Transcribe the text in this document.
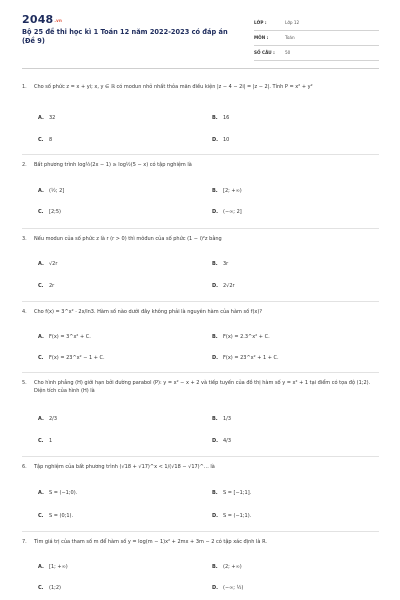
2048.vn
Bộ 25 đề thi học kì 1 Toán 12 năm 2022-2023 có đáp án (Đề 9)
LỚP :	Lớp 12
MÔN :	Toán
SỐ CÂU : 50
1. Cho số phức z = x + yi; x, y ∈ ℝ có modun nhỏ nhất thỏa mãn điều kiện |z − 4 − 2i| = |z − 2|. Tính P = x² + y²
A. 32	B. 16
C. 8	D. 10
2. Bất phương trình log½(2x − 1) ≥ log½(5 − x) có tập nghiệm là
A. (½; 2]	B. [2; +∞)
C. [2;5)	D. (−∞; 2]
3. Nếu modun của số phức z là r (r > 0) thì môđun của số phức (1 − i)²z bằng
A. √2r	B. 3r
C. 2r	D. 2√2r
4. Cho f(x) = 3^x² · 2x/ln3. Hàm số nào dưới đây không phải là nguyên hàm của hàm số f(x)?
A. F(x) = 3^x² + C.	B. F(x) = 2.3^x² + C.
C. F(x) = 23^x² − 1 + C.	D. F(x) = 23^x² + 1 + C.
5. Cho hình phẳng (H) giới hạn bởi đường parabol (P): y = x² − x + 2 và tiếp tuyến của đồ thị hàm số y = x² + 1 tại điểm có tọa độ (1;2). Diện tích của hình (H) là
A. 2/3	B. 1/3
C. 1	D. 4/3
6. Tập nghiệm của bất phương trình (√18 + √17)^x < 1/(√18 − √17)^… là
A. S = (−1;0).	B. S = [−1;1].
C. S = (0;1).	D. S = (−1;1).
7. Tìm giá trị của tham số m để hàm số y = log(m − 1)x² + 2mx + 3m − 2 có tập xác định là R.
A. [1; +∞)	B. (2; +∞)
C. (1;2)	D. (−∞; ½)
